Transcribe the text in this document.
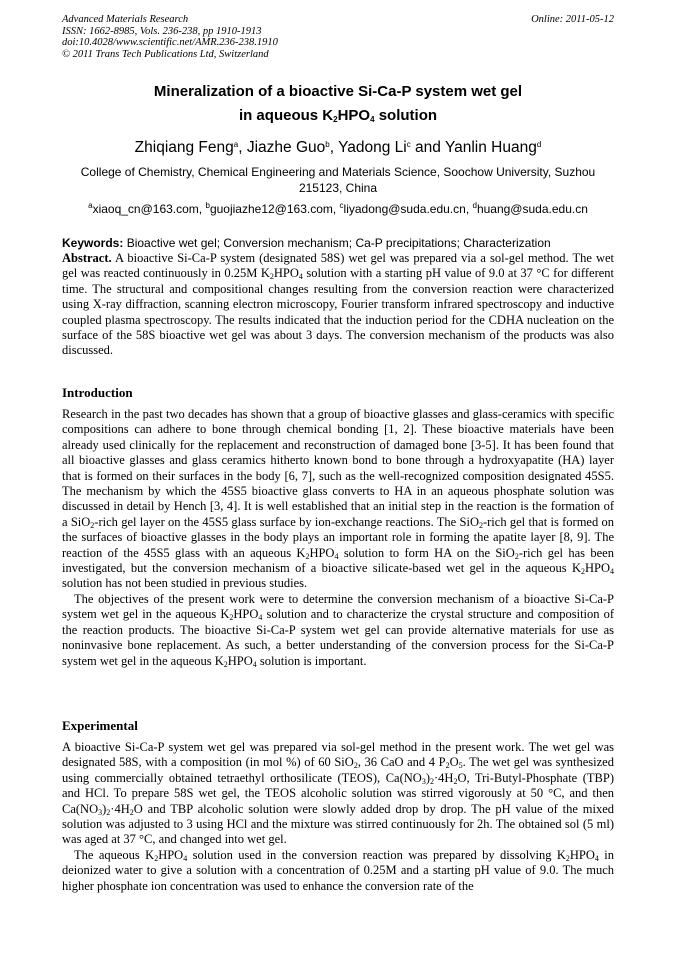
Advanced Materials Research
ISSN: 1662-8985, Vols. 236-238, pp 1910-1913
doi:10.4028/www.scientific.net/AMR.236-238.1910
© 2011 Trans Tech Publications Ltd, Switzerland
Online: 2011-05-12
Mineralization of a bioactive Si-Ca-P system wet gel
in aqueous $K_2HPO_4$ solution
Zhiqiang Feng$^a$, Jiazhe Guo$^b$, Yadong Li$^c$ and Yanlin Huang$^d$
College of Chemistry, Chemical Engineering and Materials Science, Soochow University, Suzhou 215123, China
$^a$xiaoq_cn@163.com, $^b$guojiazhe12@163.com, $^c$liyadong@suda.edu.cn, $^d$huang@suda.edu.cn
Keywords: Bioactive wet gel; Conversion mechanism; Ca-P precipitations; Characterization

Abstract. A bioactive Si-Ca-P system (designated 58S) wet gel was prepared via a sol-gel method. The wet gel was reacted continuously in 0.25M $K_2HPO_4$ solution with a starting pH value of 9.0 at 37 °C for different time. The structural and compositional changes resulting from the conversion reaction were characterized using X-ray diffraction, scanning electron microscopy, Fourier transform infrared spectroscopy and inductive coupled plasma spectroscopy. The results indicated that the induction period for the CDHA nucleation on the surface of the 58S bioactive wet gel was about 3 days. The conversion mechanism of the products was also discussed.

Introduction

Research in the past two decades has shown that a group of bioactive glasses and glass-ceramics with specific compositions can adhere to bone through chemical bonding [1, 2]. These bioactive materials have been already used clinically for the replacement and reconstruction of damaged bone [3-5]. It has been found that all bioactive glasses and glass ceramics hitherto known bond to bone through a hydroxyapatite (HA) layer that is formed on their surfaces in the body [6, 7], such as the well-recognized composition designated 45S5. The mechanism by which the 45S5 bioactive glass converts to HA in an aqueous phosphate solution was discussed in detail by Hench [3, 4]. It is well established that an initial step in the reaction is the formation of a SiO$_2$-rich gel layer on the 45S5 glass surface by ion-exchange reactions. The SiO$_2$-rich gel that is formed on the surfaces of bioactive glasses in the body plays an important role in forming the apatite layer [8, 9]. The reaction of the 45S5 glass with an aqueous $K_2HPO_4$ solution to form HA on the SiO$_2$-rich gel has been investigated, but the conversion mechanism of a bioactive silicate-based wet gel in the aqueous $K_2HPO_4$ solution has not been studied in previous studies.

The objectives of the present work were to determine the conversion mechanism of a bioactive Si-Ca-P system wet gel in the aqueous $K_2HPO_4$ solution and to characterize the crystal structure and composition of the reaction products. The bioactive Si-Ca-P system wet gel can provide alternative materials for use as noninvasive bone replacement. As such, a better understanding of the conversion process for the Si-Ca-P system wet gel in the aqueous $K_2HPO_4$ solution is important.

Experimental

A bioactive Si-Ca-P system wet gel was prepared via sol-gel method in the present work. The wet gel was designated 58S, with a composition (in mol %) of 60 SiO$_2$, 36 CaO and 4 $P_2O_5$. The wet gel was synthesized using commercially obtained tetraethyl orthosilicate (TEOS), $Ca(NO_3)_2\cdot 4H_2O$, Tri-Butyl-Phosphate (TBP) and HCl. To prepare 58S wet gel, the TEOS alcoholic solution was stirred vigorously at 50 °C, and then $Ca(NO_3)_2\cdot 4H_2O$ and TBP alcoholic solution were slowly added drop by drop. The pH value of the mixed solution was adjusted to 3 using HCl and the mixture was stirred continuously for 2h. The obtained sol (5 ml) was aged at 37 °C, and changed into wet gel.

The aqueous $K_2HPO_4$ solution used in the conversion reaction was prepared by dissolving $K_2HPO_4$ in deionized water to give a solution with a concentration of 0.25M and a starting pH value of 9.0. The much higher phosphate ion concentration was used to enhance the conversion rate of the
